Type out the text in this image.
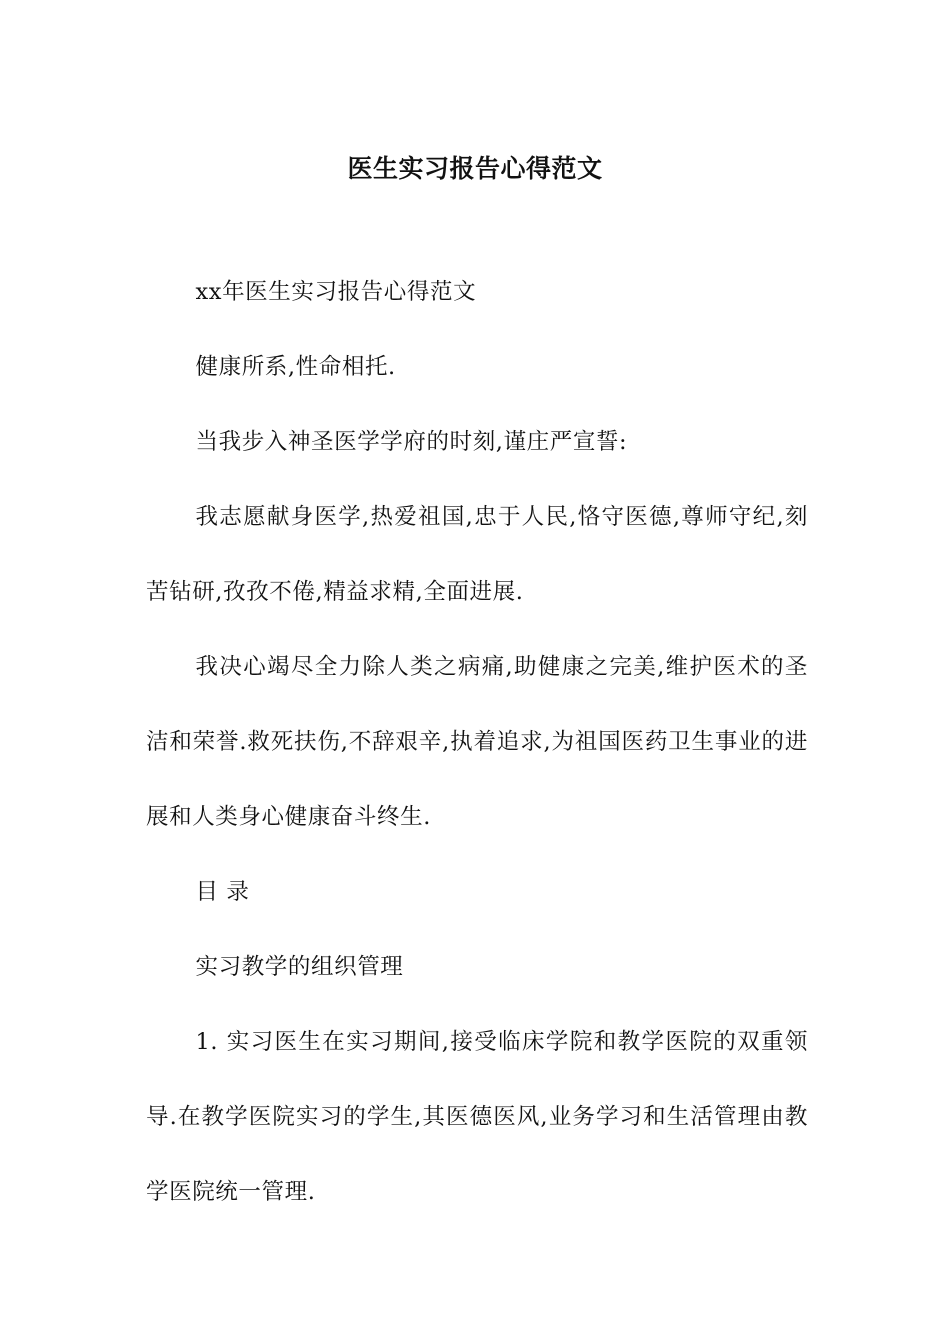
医生实习报告心得范文

xx年医生实习报告心得范文

健康所系,性命相托.

当我步入神圣医学学府的时刻,谨庄严宣誓:

我志愿献身医学,热爱祖国,忠于人民,恪守医德,尊师守纪,刻苦钻研,孜孜不倦,精益求精,全面进展.

我决心竭尽全力除人类之病痛,助健康之完美,维护医术的圣洁和荣誉.救死扶伤,不辞艰辛,执着追求,为祖国医药卫生事业的进展和人类身心健康奋斗终生.

目 录

实习教学的组织管理

1. 实习医生在实习期间,接受临床学院和教学医院的双重领导.在教学医院实习的学生,其医德医风,业务学习和生活管理由教学医院统一管理.
